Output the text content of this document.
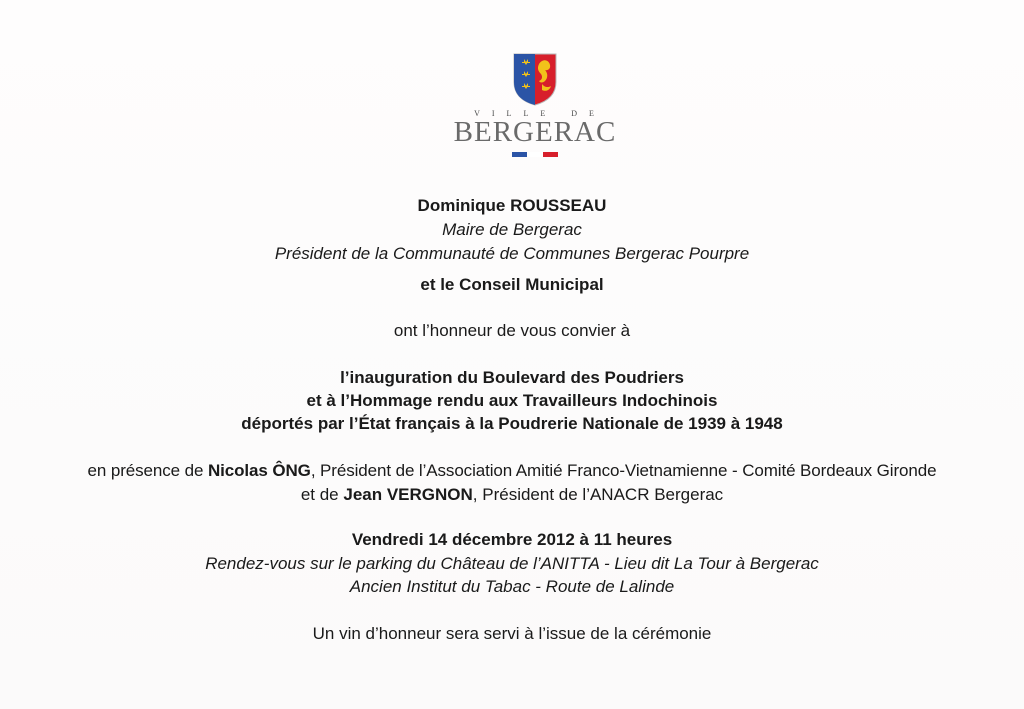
VILLE DE
BERGERAC
Dominique ROUSSEAU
Maire de Bergerac
Président de la Communauté de Communes Bergerac Pourpre
et le Conseil Municipal
ont l’honneur de vous convier à
l’inauguration du Boulevard des Poudriers
et à l’Hommage rendu aux Travailleurs Indochinois
déportés par l’État français à la Poudrerie Nationale de 1939 à 1948
en présence de Nicolas ÔNG, Président de l’Association Amitié Franco-Vietnamienne - Comité Bordeaux Gironde
et de Jean VERGNON, Président de l’ANACR Bergerac
Vendredi 14 décembre 2012 à 11 heures
Rendez-vous sur le parking du Château de l’ANITTA - Lieu dit La Tour à Bergerac
Ancien Institut du Tabac - Route de Lalinde
Un vin d’honneur sera servi à l’issue de la cérémonie
